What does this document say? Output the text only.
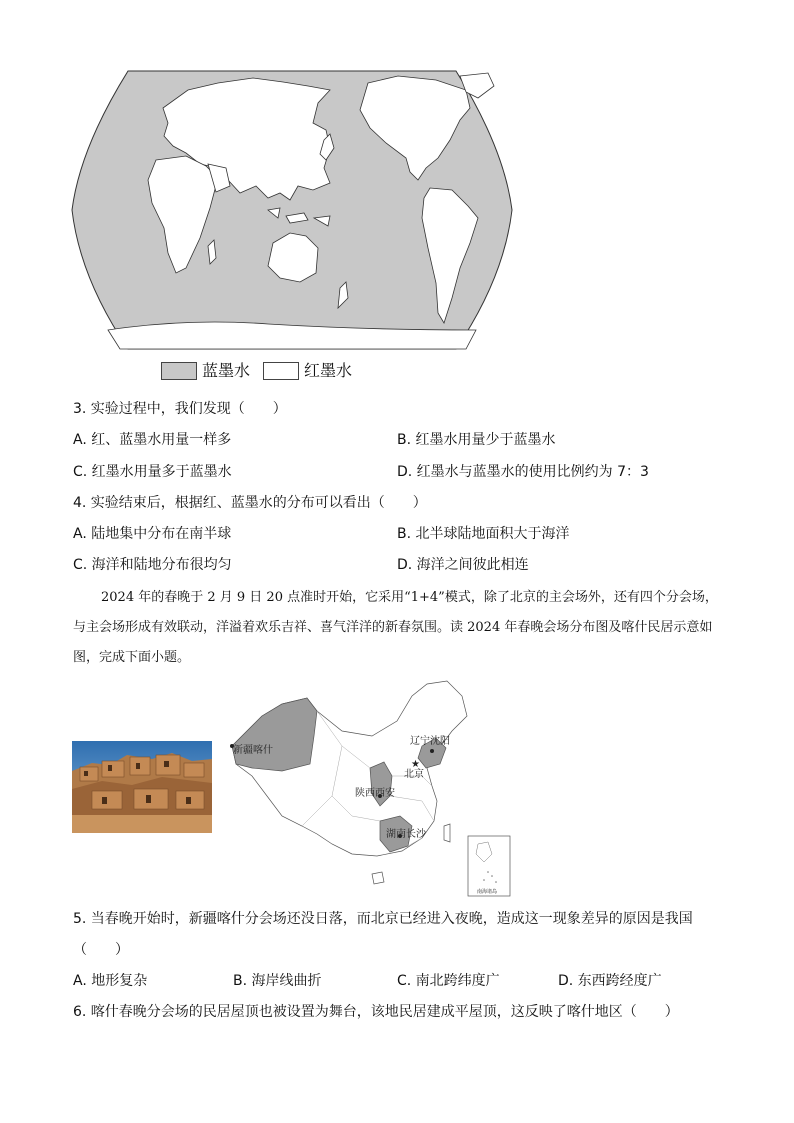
蓝墨水	红墨水
3. 实验过程中，我们发现（　　）
A. 红、蓝墨水用量一样多	B. 红墨水用量少于蓝墨水
C. 红墨水用量多于蓝墨水	D. 红墨水与蓝墨水的使用比例约为 7：3
4. 实验结束后，根据红、蓝墨水的分布可以看出（　　）
A. 陆地集中分布在南半球	B. 北半球陆地面积大于海洋
C. 海洋和陆地分布很均匀	D. 海洋之间彼此相连
2024 年的春晚于 2 月 9 日 20 点准时开始，它采用“1+4”模式，除了北京的主会场外，还有四个分会场，与主会场形成有效联动，洋溢着欢乐吉祥、喜气洋洋的新春氛围。读 2024 年春晚会场分布图及喀什民居示意如图，完成下面小题。
南海诸岛
★
新疆喀什
辽宁沈阳
北京
陕西西安
湖南长沙
5. 当春晚开始时，新疆喀什分会场还没日落，而北京已经进入夜晚，造成这一现象差异的原因是我国
（　　）
A. 地形复杂	B. 海岸线曲折	C. 南北跨纬度广	D. 东西跨经度广
6. 喀什春晚分会场的民居屋顶也被设置为舞台，该地民居建成平屋顶，这反映了喀什地区（　　）
